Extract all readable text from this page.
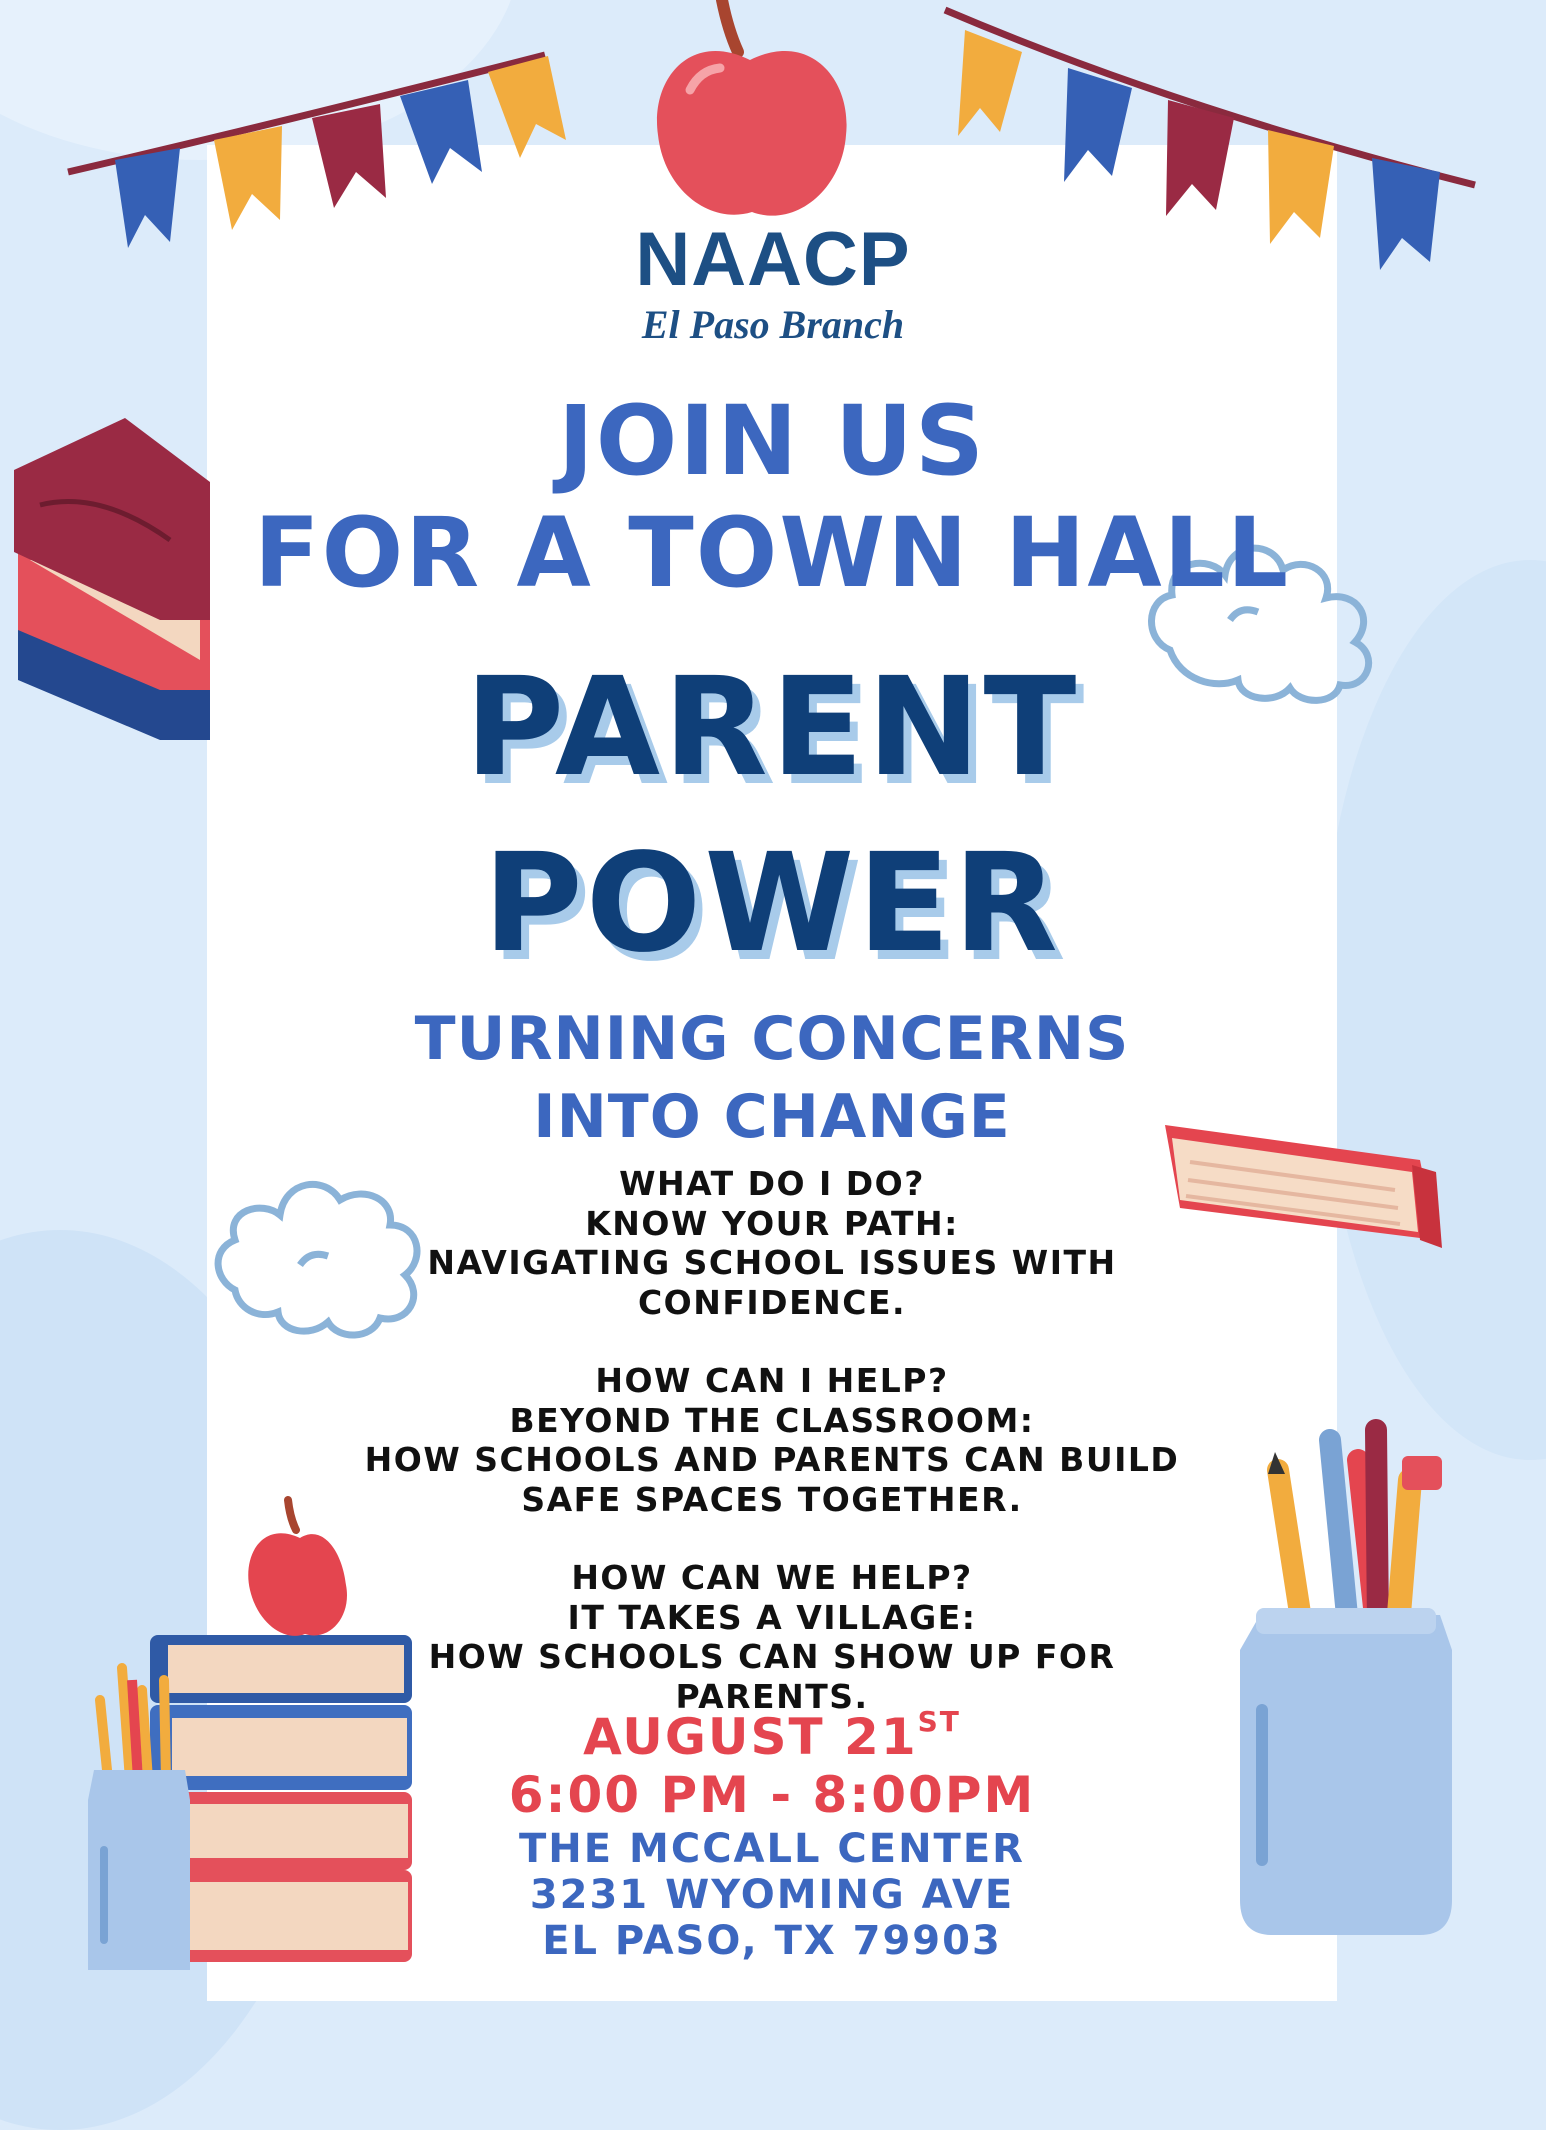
NAACP
El Paso Branch
JOIN US
FOR A TOWN HALL
PARENT
POWER
TURNING CONCERNS
INTO CHANGE
WHAT DO I DO?
KNOW YOUR PATH:
NAVIGATING SCHOOL ISSUES WITH
CONFIDENCE.
HOW CAN I HELP?
BEYOND THE CLASSROOM:
HOW SCHOOLS AND PARENTS CAN BUILD
SAFE SPACES TOGETHER.
HOW CAN WE HELP?
IT TAKES A VILLAGE:
HOW SCHOOLS CAN SHOW UP FOR
PARENTS.
AUGUST 21ST
6:00 PM - 8:00PM
THE MCCALL CENTER
3231 WYOMING AVE
EL PASO, TX 79903
